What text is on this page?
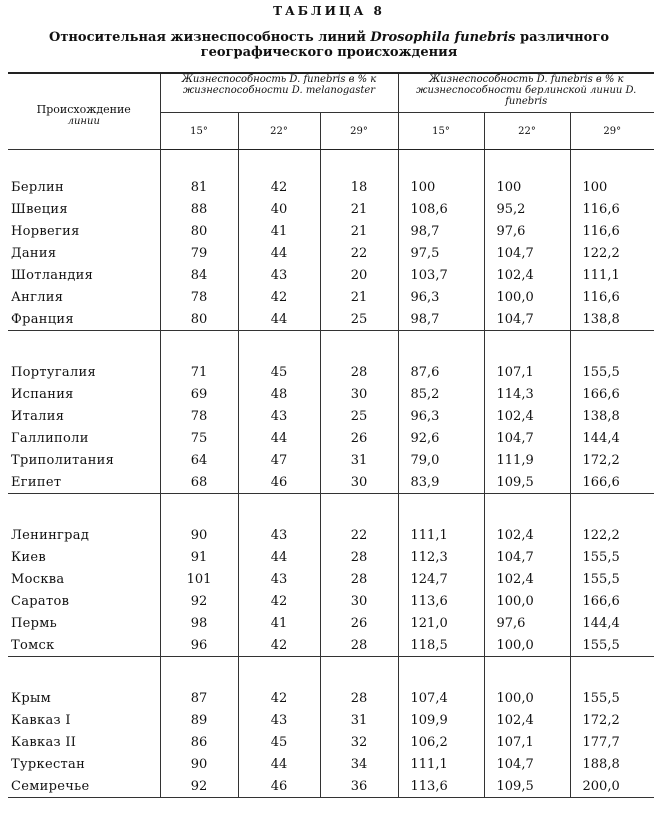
ТАБЛИЦА 8
Относительная жизнеспособность линий Drosophila funebris различного
географического происхождения
Происхождение
линии	Жизнеспособность D. funebris в % к жизнеспособности D. melanogaster			Жизнеспособность D. funebris в % к жизнеспособности берлинской линии D. funebris		
	15°	22°	29°	15°	22°	29°

Берлин	81	42	18	100	100	100
Швеция	88	40	21	108,6	95,2	116,6
Норвегия	80	41	21	98,7	97,6	116,6
Дания	79	44	22	97,5	104,7	122,2
Шотландия	84	43	20	103,7	102,4	111,1
Англия	78	42	21	96,3	100,0	116,6
Франция	80	44	25	98,7	104,7	138,8

Португалия	71	45	28	87,6	107,1	155,5
Испания	69	48	30	85,2	114,3	166,6
Италия	78	43	25	96,3	102,4	138,8
Галлиполи	75	44	26	92,6	104,7	144,4
Триполитания	64	47	31	79,0	111,9	172,2
Египет	68	46	30	83,9	109,5	166,6

Ленинград	90	43	22	111,1	102,4	122,2
Киев	91	44	28	112,3	104,7	155,5
Москва	101	43	28	124,7	102,4	155,5
Саратов	92	42	30	113,6	100,0	166,6
Пермь	98	41	26	121,0	97,6	144,4
Томск	96	42	28	118,5	100,0	155,5

Крым	87	42	28	107,4	100,0	155,5
Кавказ I	89	43	31	109,9	102,4	172,2
Кавказ II	86	45	32	106,2	107,1	177,7
Туркестан	90	44	34	111,1	104,7	188,8
Семиречье	92	46	36	113,6	109,5	200,0
